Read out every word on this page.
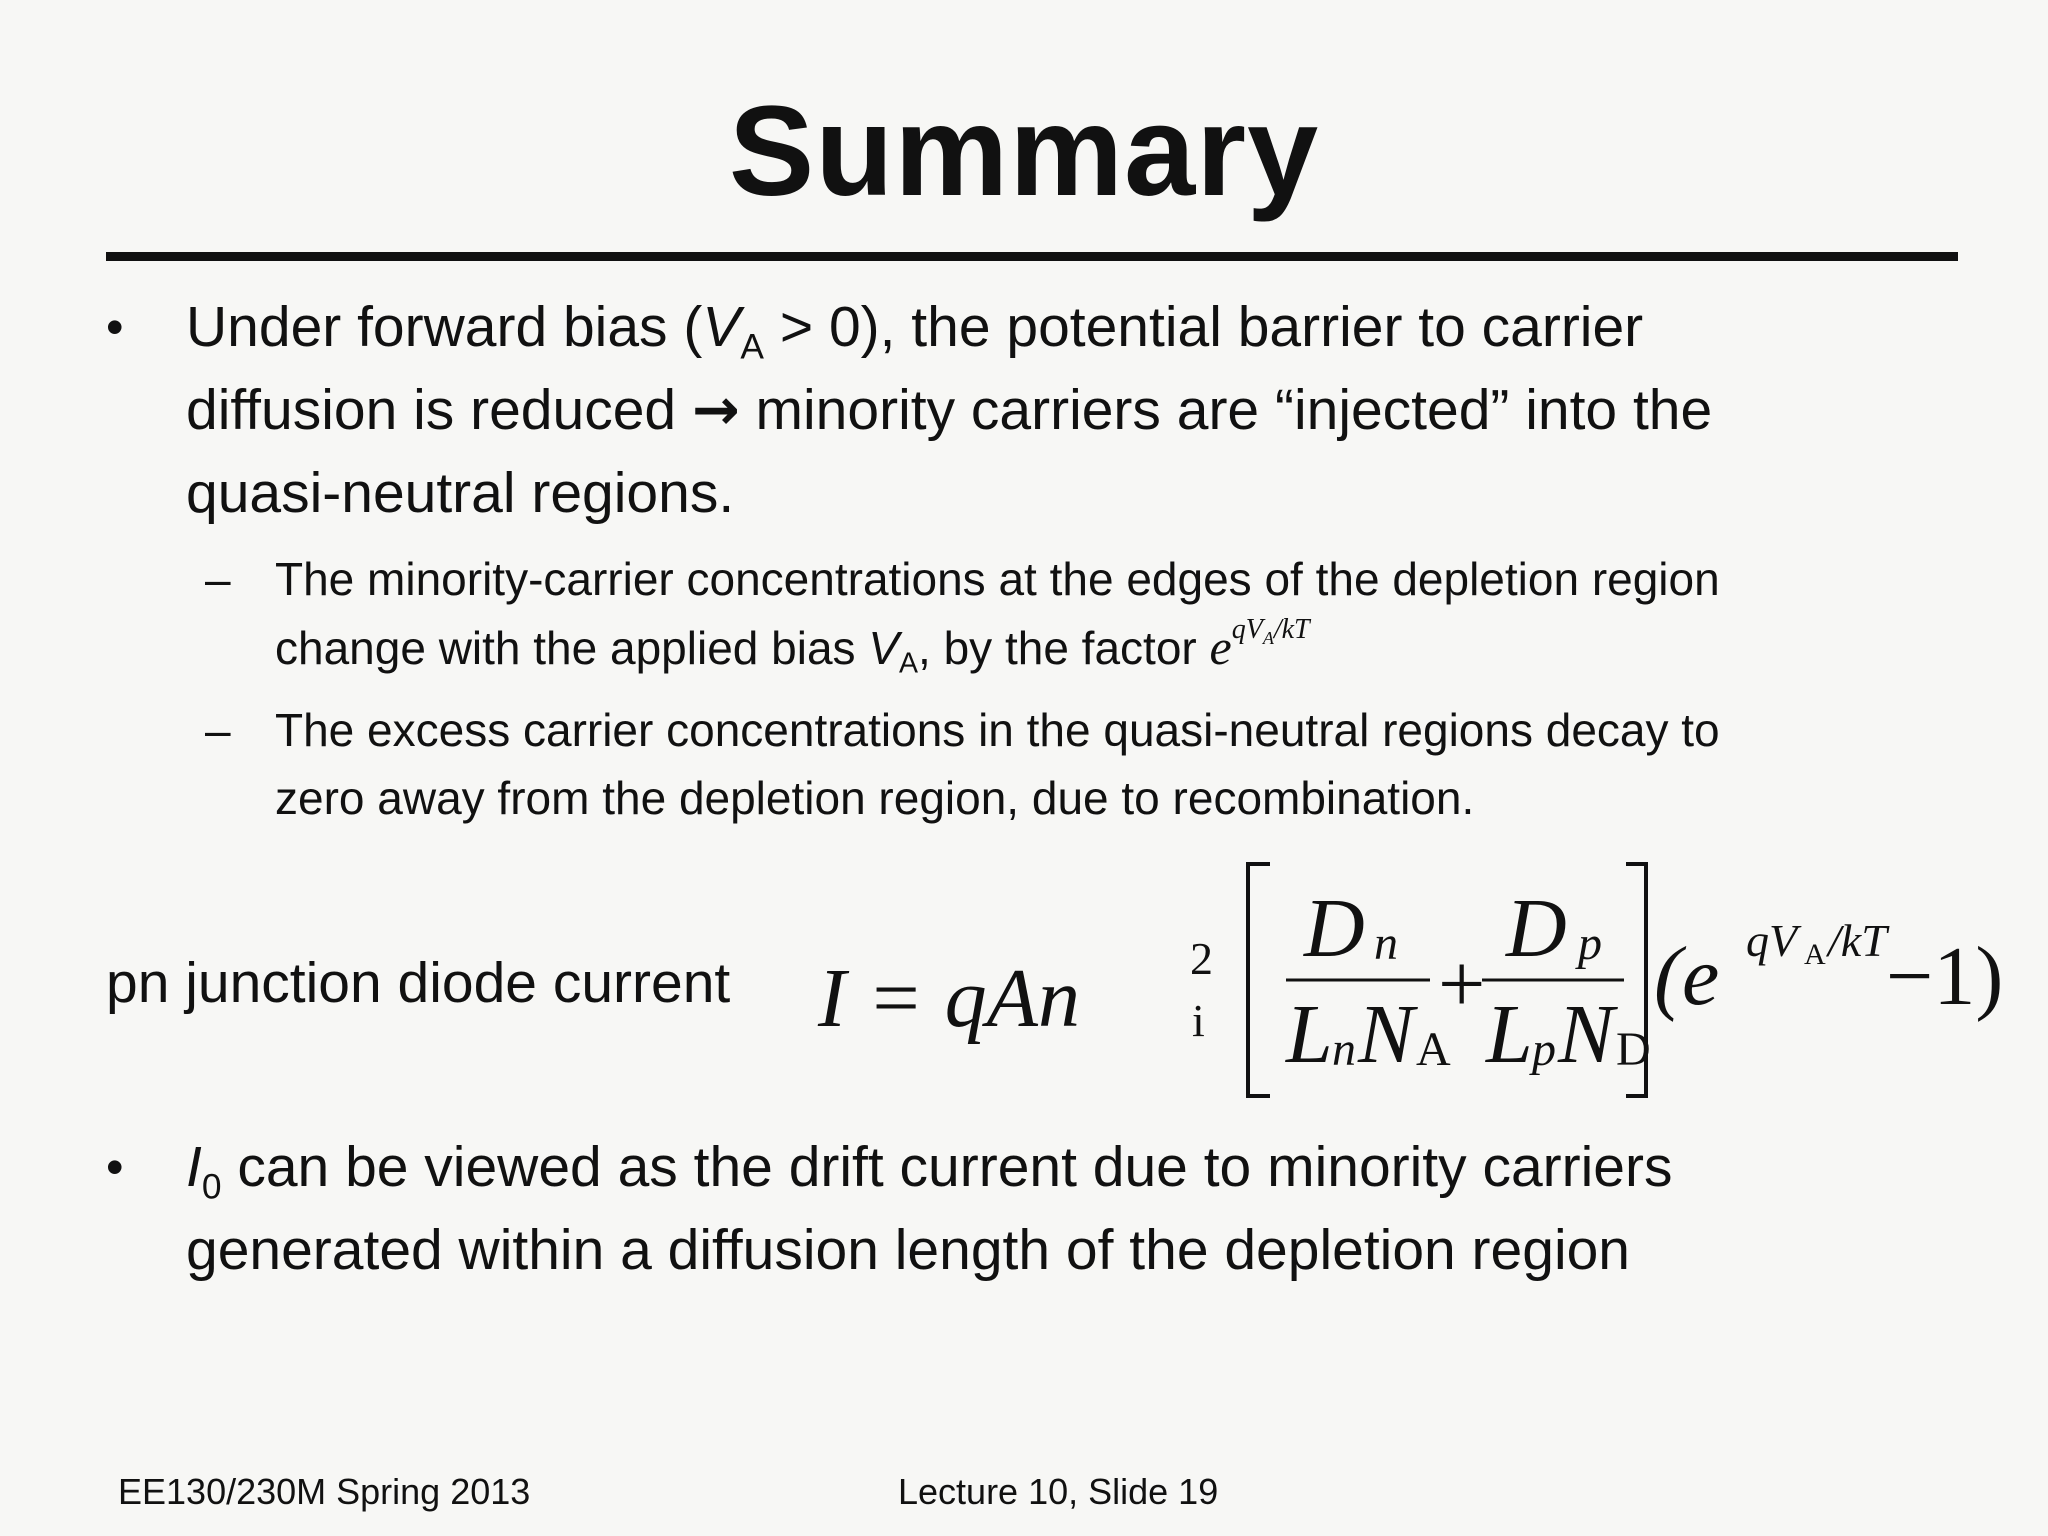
Summary
• Under forward bias $(V_A > 0)$, the potential barrier to carrier
diffusion is reduced → minority carriers are “injected” into the
quasi-neutral regions.
– The minority-carrier concentrations at the edges of the depletion region
change with the applied bias $V_A$, by the factor $e^{qV_A/kT}$
– The excess carrier concentrations in the quasi-neutral regions decay to
zero away from the depletion region, due to recombination.
pn junction diode current I = qAn 2
i
D n
L n N A
+
D p
L p N D
(e qV A /kT −1)
• $I_0$ can be viewed as the drift current due to minority carriers
generated within a diffusion length of the depletion region
EE130/230M Spring 2013	Lecture 10, Slide 19
